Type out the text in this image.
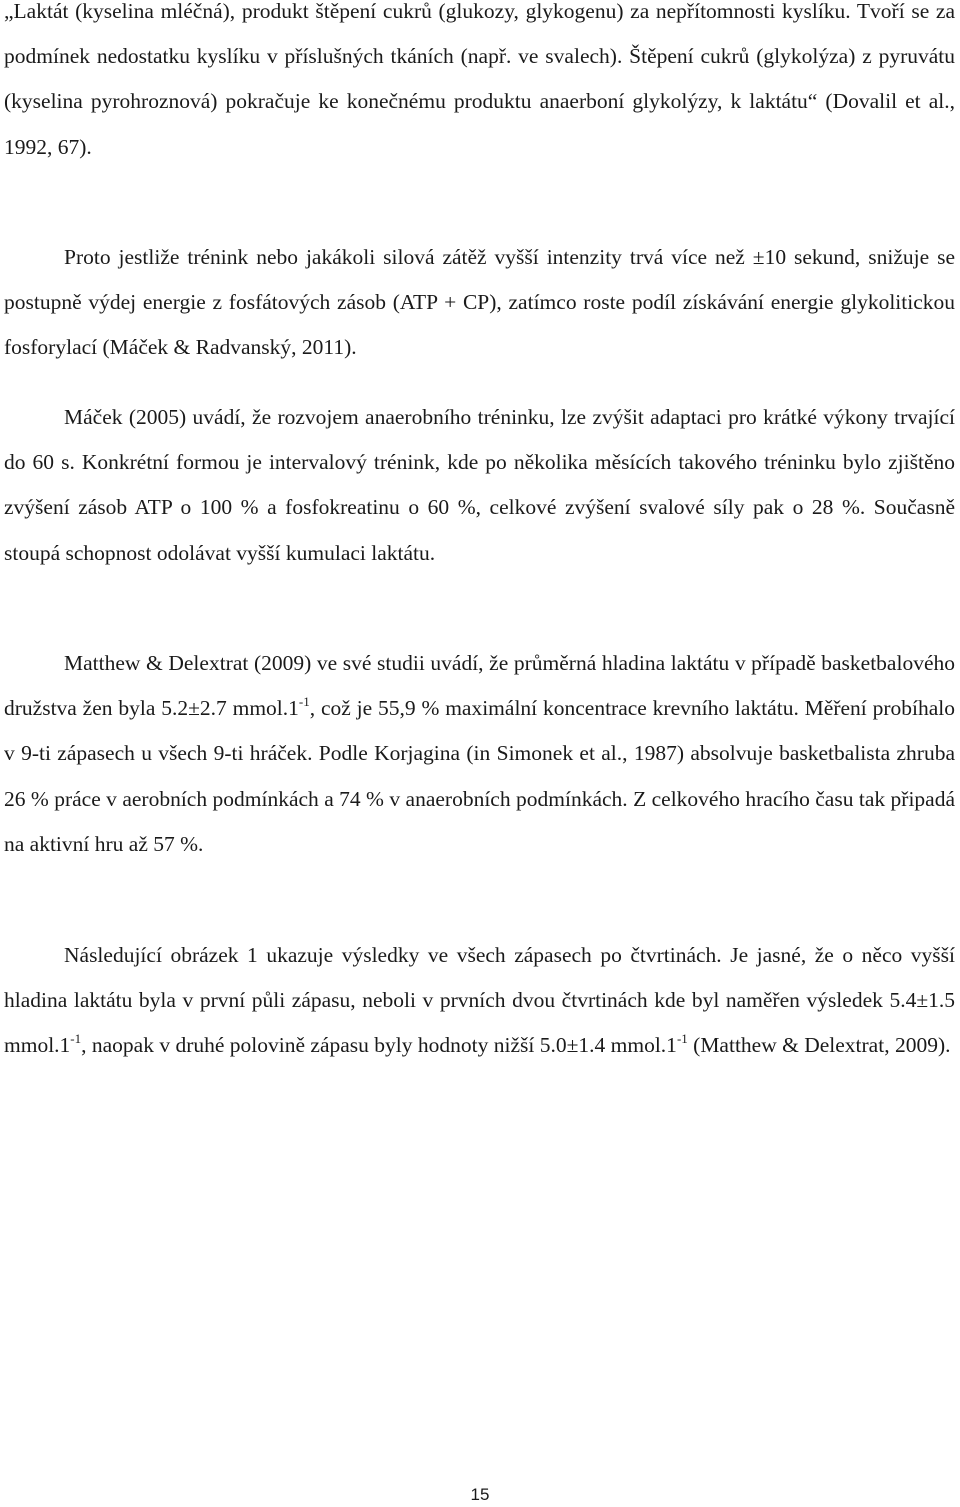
„Laktát (kyselina mléčná), produkt štěpení cukrů (glukozy, glykogenu) za nepřítomnosti kyslíku. Tvoří se za podmínek nedostatku kyslíku v příslušných tkáních (např. ve svalech). Štěpení cukrů (glykolýza) z pyruvátu (kyselina pyrohroznová) pokračuje ke konečnému produktu anaerboní glykolýzy, k laktátu“ (Dovalil et al., 1992, 67).

Proto jestliže trénink nebo jakákoli silová zátěž vyšší intenzity trvá více než ±10 sekund, snižuje se postupně výdej energie z fosfátových zásob (ATP + CP), zatímco roste podíl získávání energie glykolitickou fosforylací (Máček & Radvanský, 2011).

Máček (2005) uvádí, že rozvojem anaerobního tréninku, lze zvýšit adaptaci pro krátké výkony trvající do 60 s. Konkrétní formou je intervalový trénink, kde po několika měsících takového tréninku bylo zjištěno zvýšení zásob ATP o 100 % a fosfokreatinu o 60 %, celkové zvýšení svalové síly pak o 28 %. Současně stoupá schopnost odolávat vyšší kumulaci laktátu.

Matthew & Delextrat (2009) ve své studii uvádí, že průměrná hladina laktátu v případě basketbalového družstva žen byla 5.2±2.7 $mmol.1^{-1}$, což je 55,9 % maximální koncentrace krevního laktátu. Měření probíhalo v 9-ti zápasech u všech 9-ti hráček. Podle Korjagina (in Simonek et al., 1987) absolvuje basketbalista zhruba 26 % práce v aerobních podmínkách a 74 % v anaerobních podmínkách. Z celkového hracího času tak připadá na aktivní hru až 57 %.

Následující obrázek 1 ukazuje výsledky ve všech zápasech po čtvrtinách. Je jasné, že o něco vyšší hladina laktátu byla v první půli zápasu, neboli v prvních dvou čtvrtinách kde byl naměřen výsledek 5.4±1.5 $mmol.1^{-1}$, naopak v druhé polovině zápasu byly hodnoty nižší 5.0±1.4 $mmol.1^{-1}$ (Matthew & Delextrat, 2009).

15
